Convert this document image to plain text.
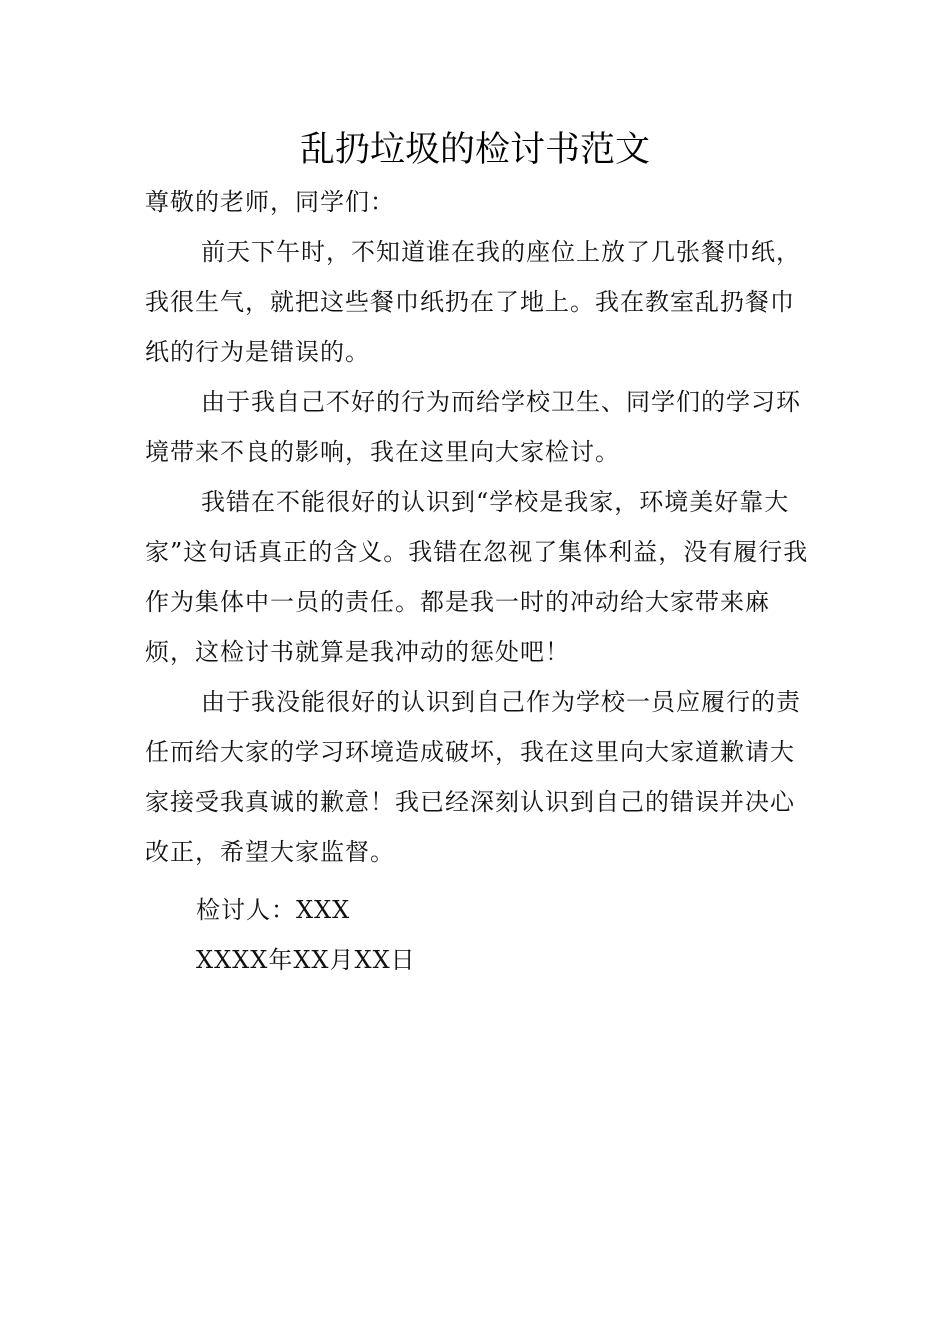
乱扔垃圾的检讨书范文

尊敬的老师，同学们：

前天下午时，不知道谁在我的座位上放了几张餐巾纸，我很生气，就把这些餐巾纸扔在了地上。我在教室乱扔餐巾纸的行为是错误的。

由于我自己不好的行为而给学校卫生、同学们的学习环境带来不良的影响，我在这里向大家检讨。

我错在不能很好的认识到“学校是我家，环境美好靠大家”这句话真正的含义。我错在忽视了集体利益，没有履行我作为集体中一员的责任。都是我一时的冲动给大家带来麻烦，这检讨书就算是我冲动的惩处吧！

由于我没能很好的认识到自己作为学校一员应履行的责任而给大家的学习环境造成破坏，我在这里向大家道歉请大家接受我真诚的歉意！我已经深刻认识到自己的错误并决心改正，希望大家监督。

检讨人：XXX

XXXX年XX月XX日
